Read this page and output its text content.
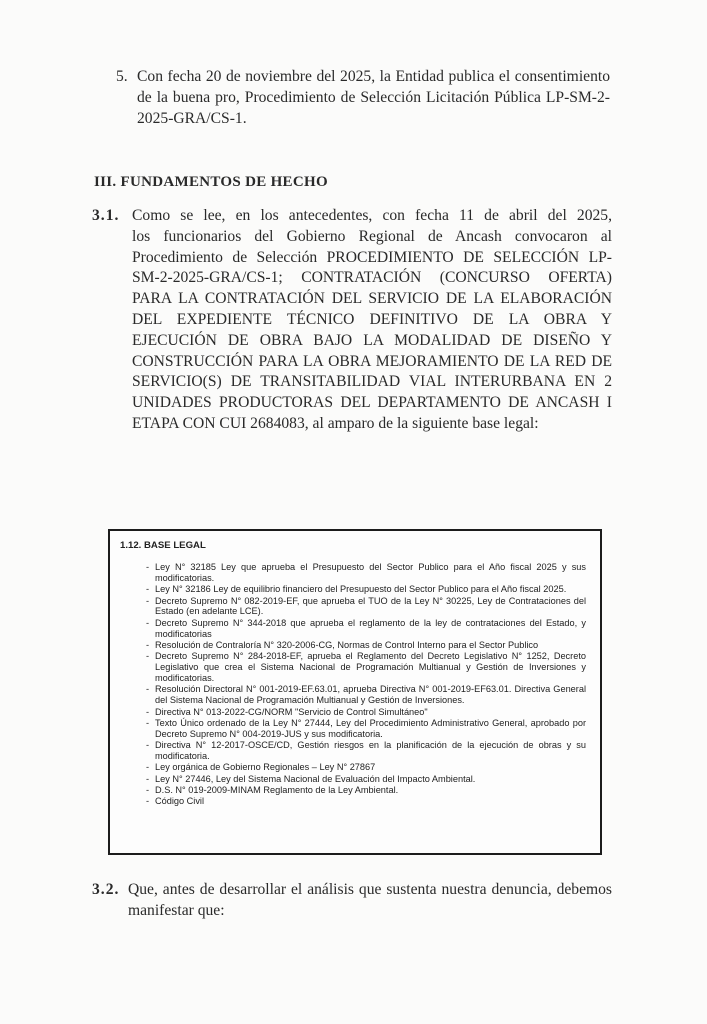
5. Con fecha 20 de noviembre del 2025, la Entidad publica el consentimiento de la buena pro, Procedimiento de Selección Licitación Pública LP-SM-2-2025-GRA/CS-1.
III. FUNDAMENTOS DE HECHO
3.1. Como se lee, en los antecedentes, con fecha 11 de abril del 2025,
los funcionarios del Gobierno Regional de Ancash convocaron al
Procedimiento de Selección PROCEDIMIENTO DE SELECCIÓN LP-
SM-2-2025-GRA/CS-1; CONTRATACIÓN (CONCURSO OFERTA)
PARA LA CONTRATACIÓN DEL SERVICIO DE LA ELABORACIÓN
DEL EXPEDIENTE TÉCNICO DEFINITIVO DE LA OBRA Y
EJECUCIÓN DE OBRA BAJO LA MODALIDAD DE DISEÑO Y
CONSTRUCCIÓN PARA LA OBRA MEJORAMIENTO DE LA RED DE
SERVICIO(S) DE TRANSITABILIDAD VIAL INTERURBANA EN 2
UNIDADES PRODUCTORAS DEL DEPARTAMENTO DE ANCASH I
ETAPA CON CUI 2684083, al amparo de la siguiente base legal:
1.12. BASE LEGAL
- Ley N° 32185 Ley que aprueba el Presupuesto del Sector Publico para el Año fiscal 2025 y sus modificatorias.
- Ley N° 32186 Ley de equilibrio financiero del Presupuesto del Sector Publico para el Año fiscal 2025.
- Decreto Supremo N° 082-2019-EF, que aprueba el TUO de la Ley N° 30225, Ley de Contrataciones del Estado (en adelante LCE).
- Decreto Supremo N° 344-2018 que aprueba el reglamento de la ley de contrataciones del Estado, y modificatorias
- Resolución de Contraloría N° 320-2006-CG, Normas de Control Interno para el Sector Publico
- Decreto Supremo N° 284-2018-EF, aprueba el Reglamento del Decreto Legislativo N° 1252, Decreto Legislativo que crea el Sistema Nacional de Programación Multianual y Gestión de Inversiones y modificatorias.
- Resolución Directoral N° 001-2019-EF.63.01, aprueba Directiva N° 001-2019-EF63.01. Directiva General del Sistema Nacional de Programación Multianual y Gestión de Inversiones.
- Directiva N° 013-2022-CG/NORM "Servicio de Control Simultáneo"
- Texto Único ordenado de la Ley N° 27444, Ley del Procedimiento Administrativo General, aprobado por Decreto Supremo N° 004-2019-JUS y sus modificatoria.
- Directiva N° 12-2017-OSCE/CD, Gestión riesgos en la planificación de la ejecución de obras y su modificatoria.
- Ley orgánica de Gobierno Regionales – Ley N° 27867
- Ley N° 27446, Ley del Sistema Nacional de Evaluación del Impacto Ambiental.
- D.S. N° 019-2009-MINAM Reglamento de la Ley Ambiental.
- Código Civil
3.2. Que, antes de desarrollar el análisis que sustenta nuestra denuncia, debemos manifestar que:
